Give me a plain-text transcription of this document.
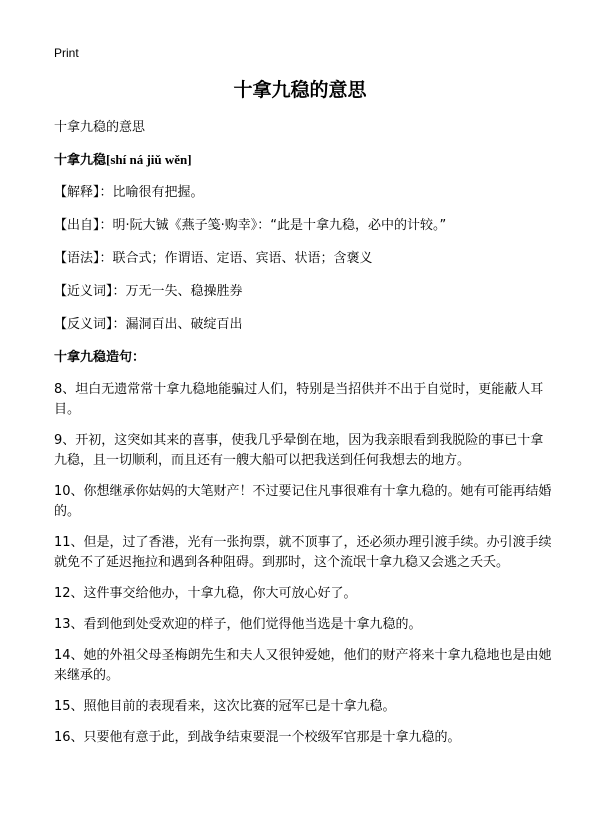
Print
十拿九稳的意思

十拿九稳的意思

十拿九稳[shí ná jiǔ wěn]

【解释】：比喻很有把握。

【出自】：明·阮大铖《燕子笺·购幸》：“此是十拿九稳，必中的计较。”

【语法】：联合式；作谓语、定语、宾语、状语；含褒义

【近义词】：万无一失、稳操胜券

【反义词】：漏洞百出、破绽百出

十拿九稳造句：

8、坦白无遗常常十拿九稳地能骗过人们，特别是当招供并不出于自觉时，更能蔽人耳目。

9、开初，这突如其来的喜事，使我几乎晕倒在地，因为我亲眼看到我脱险的事已十拿九稳，且一切顺利，而且还有一艘大船可以把我送到任何我想去的地方。

10、你想继承你姑妈的大笔财产！不过要记住凡事很难有十拿九稳的。她有可能再结婚的。

11、但是，过了香港，光有一张拘票，就不顶事了，还必须办理引渡手续。办引渡手续就免不了延迟拖拉和遇到各种阻碍。到那时，这个流氓十拿九稳又会逃之夭夭。

12、这件事交给他办，十拿九稳，你大可放心好了。

13、看到他到处受欢迎的样子，他们觉得他当选是十拿九稳的。

14、她的外祖父母圣梅朗先生和夫人又很钟爱她，他们的财产将来十拿九稳地也是由她来继承的。

15、照他目前的表现看来，这次比赛的冠军已是十拿九稳。

16、只要他有意于此，到战争结束要混一个校级军官那是十拿九稳的。
